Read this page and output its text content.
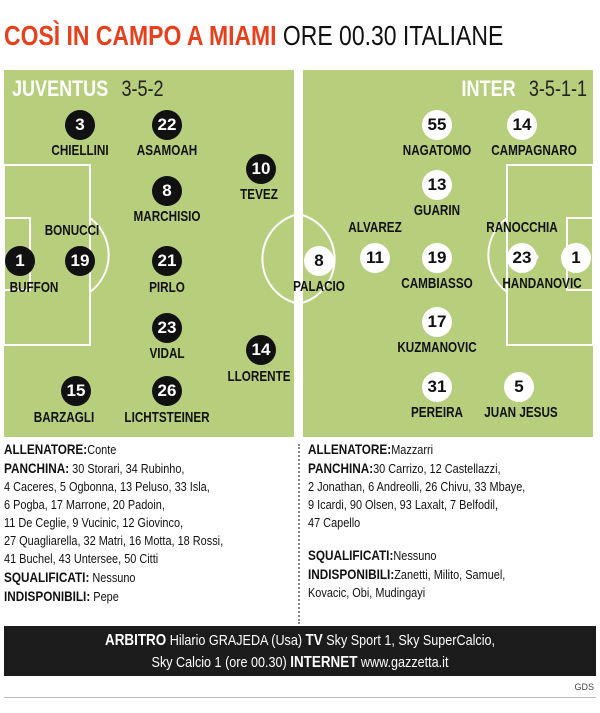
COSÌ IN CAMPO A MIAMI ORE 00.30 ITALIANE
JUVENTUS 3-5-2
3
CHIELLINI
22
ASAMOAH
10
TEVEZ
8
MARCHISIO
19
BONUCCI
1
BUFFON
21
PIRLO
23
VIDAL	14
LLORENTE
15
BARZAGLI
26
LICHTSTEINER
INTER 3-5-1-1
55
NAGATOMO
14
CAMPAGNARO
13
GUARIN
11
ALVAREZ
8
PALACIO
19
CAMBIASSO
23
RANOCCHIA
1
HANDANOVIC
17
KUZMANOVIC
31
PEREIRA
5
JUAN JESUS

ALLENATORE:Conte

PANCHINA: 30 Storari, 34 Rubinho,

4 Caceres, 5 Ogbonna, 13 Peluso, 33 Isla,

6 Pogba, 17 Marrone, 20 Padoin,

11 De Ceglie, 9 Vucinic, 12 Giovinco,

27 Quagliarella, 32 Matri, 16 Motta, 18 Rossi,

41 Buchel, 43 Untersee, 50 Citti

SQUALIFICATI: Nessuno

INDISPONIBILI: Pepe

ALLENATORE:Mazzarri

PANCHINA:30 Carrizo, 12 Castellazzi,

2 Jonathan, 6 Andreolli, 26 Chivu, 33 Mbaye,

9 Icardi, 90 Olsen, 93 Laxalt, 7 Belfodil,

47 Capello

SQUALIFICATI:Nessuno

INDISPONIBILI:Zanetti, Milito, Samuel,

Kovacic, Obi, Mudingayi

ARBITRO Hilario GRAJEDA (Usa) TV Sky Sport 1, Sky SuperCalcio,
Sky Calcio 1 (ore 00.30) INTERNET www.gazzetta.it
GDS
